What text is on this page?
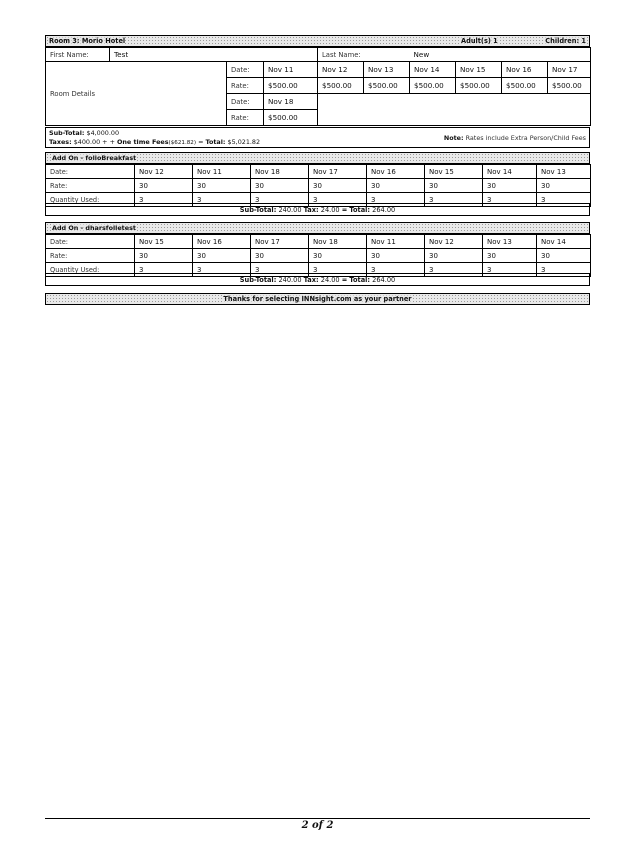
Room 3: Morio Hotel	Adult(s) 1	Children: 1
First Name:	Test			Last Name:		New			
Room Details		Date:	Nov 11	Nov 12	Nov 13	Nov 14	Nov 15	Nov 16	Nov 17
		Rate:	$500.00	$500.00	$500.00	$500.00	$500.00	$500.00	$500.00
		Date:	Nov 18						
		Rate:	$500.00						
Sub-Total: $4,000.00
Taxes: $400.00 + + One time Fees($621.82) = Total: $5,021.82	Note: Rates include Extra Person/Child Fees
Add On - folioBreakfast
Date:	Nov 12	Nov 11	Nov 18	Nov 17	Nov 16	Nov 15	Nov 14	Nov 13
Rate:	30	30	30	30	30	30	30	30
Quantity Used:	3	3	3	3	3	3	3	3
Sub-Total: 240.00 Tax: 24.00 = Total: 264.00
Add On - dharsfolletest
Date:	Nov 15	Nov 16	Nov 17	Nov 18	Nov 11	Nov 12	Nov 13	Nov 14
Rate:	30	30	30	30	30	30	30	30
Quantity Used:	3	3	3	3	3	3	3	3
Sub-Total: 240.00 Tax: 24.00 = Total: 264.00
Thanks for selecting INNsight.com as your partner
2 of 2
